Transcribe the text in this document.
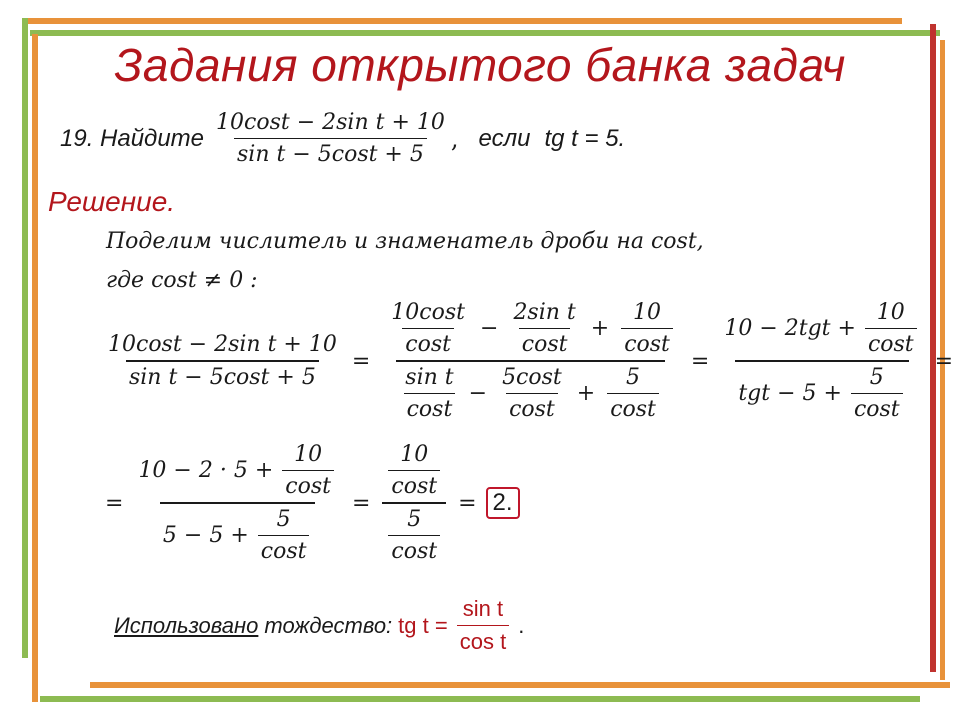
Задания открытого банка задач
19. Найдите $\frac{\text{10cost − 2sin t + 10}}{\text{sin t − 5cost + 5}}$ , если tg t = 5.
Решение.
Поделим числитель и знаменатель дроби на cost,
где cost ≠ 0 :
$\frac{\text{10cost − 2sin t + 10}}{\text{sin t − 5cost + 5}}$ =
$\frac{10\cos t}{\cos t} - \frac{\text{2sin t}}{\cos t} + \frac{10}{\cos t}$
$\frac{\text{sin t}}{\cos t} - \frac{5\cos t}{\cos t} + \frac{5}{\cos t}$
= $\frac{10 - 2tgt + \frac{10}{\cos t}}{tgt - 5 + \frac{5}{\cos t}}$ =
= $\frac{10 - 2 \cdot 5 + \frac{10}{\cos t}}{5 - 5 + \frac{5}{\cos t}} = \frac{\frac{10}{\cos t}}{\frac{5}{\cos t}} = 2$.
Использовано тождество: tg $t = \frac{\text{sin t}}{\text{cos t}}$ .
